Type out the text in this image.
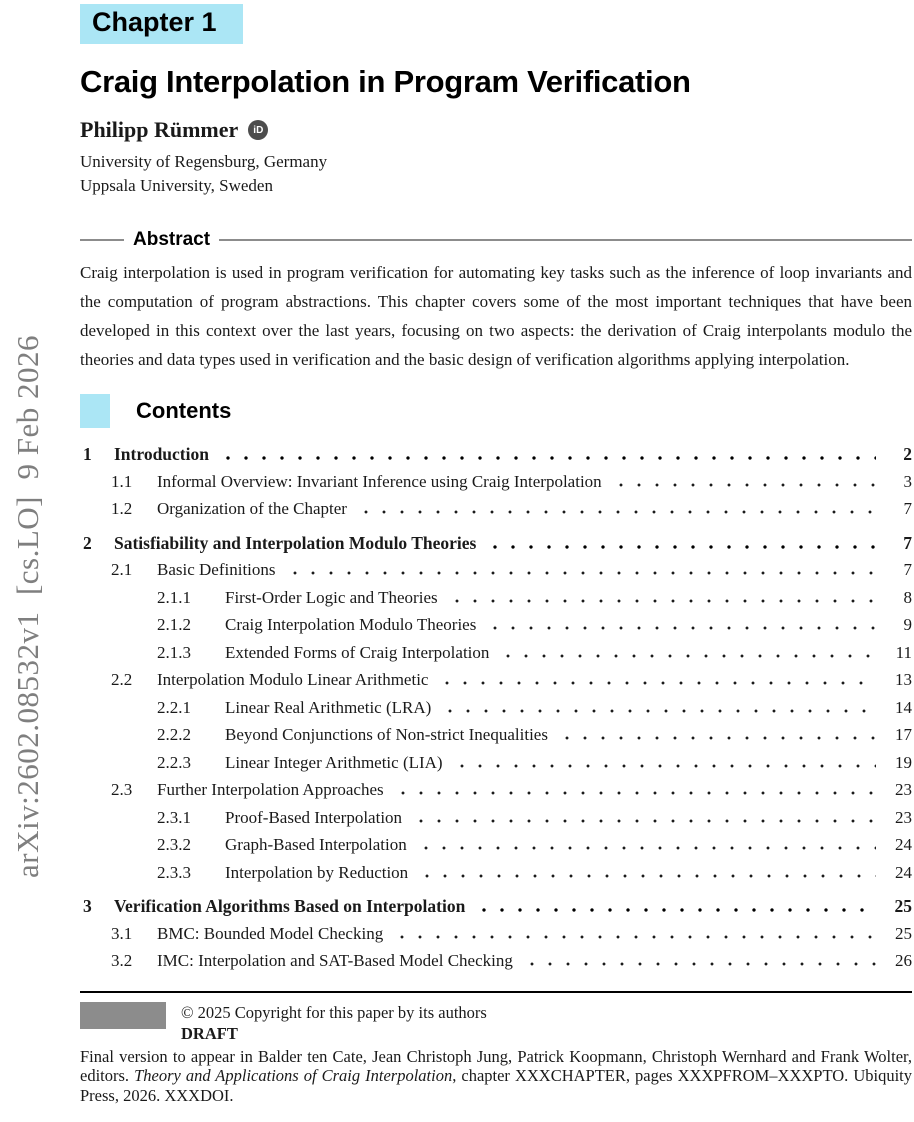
arXiv:2602.08532v1  [cs.LO]  9 Feb 2026
Chapter 1
Craig Interpolation in Program Verification
Philipp Rümmer	iD
University of Regensburg, Germany
Uppsala University, Sweden
Abstract

Craig interpolation is used in program verification for automating key tasks such as the inference of loop invariants and the computation of program abstractions. This chapter covers some of the most important techniques that have been developed in this context over the last years, focusing on two aspects: the derivation of Craig interpolants modulo the theories and data types used in verification and the basic design of verification algorithms applying interpolation.

Contents
1	Introduction	2
1.1	Informal Overview: Invariant Inference using Craig Interpolation	3
1.2	Organization of the Chapter	7
2	Satisfiability and Interpolation Modulo Theories	7
2.1	Basic Definitions	7
2.1.1	First-Order Logic and Theories	8
2.1.2	Craig Interpolation Modulo Theories	9
2.1.3	Extended Forms of Craig Interpolation	11
2.2	Interpolation Modulo Linear Arithmetic	13
2.2.1	Linear Real Arithmetic (LRA)	14
2.2.2	Beyond Conjunctions of Non-strict Inequalities	17
2.2.3	Linear Integer Arithmetic (LIA)	19
2.3	Further Interpolation Approaches	23
2.3.1	Proof-Based Interpolation	23
2.3.2	Graph-Based Interpolation	24
2.3.3	Interpolation by Reduction	24
3	Verification Algorithms Based on Interpolation	25
3.1	BMC: Bounded Model Checking	25
3.2	IMC: Interpolation and SAT-Based Model Checking	26
© 2025 Copyright for this paper by its authors
DRAFT

Final version to appear in Balder ten Cate, Jean Christoph Jung, Patrick Koopmann, Christoph Wernhard and Frank Wolter, editors. Theory and Applications of Craig Interpolation, chapter XXXCHAPTER, pages XXXPFROM–XXXPTO. Ubiquity Press, 2026. XXXDOI.
